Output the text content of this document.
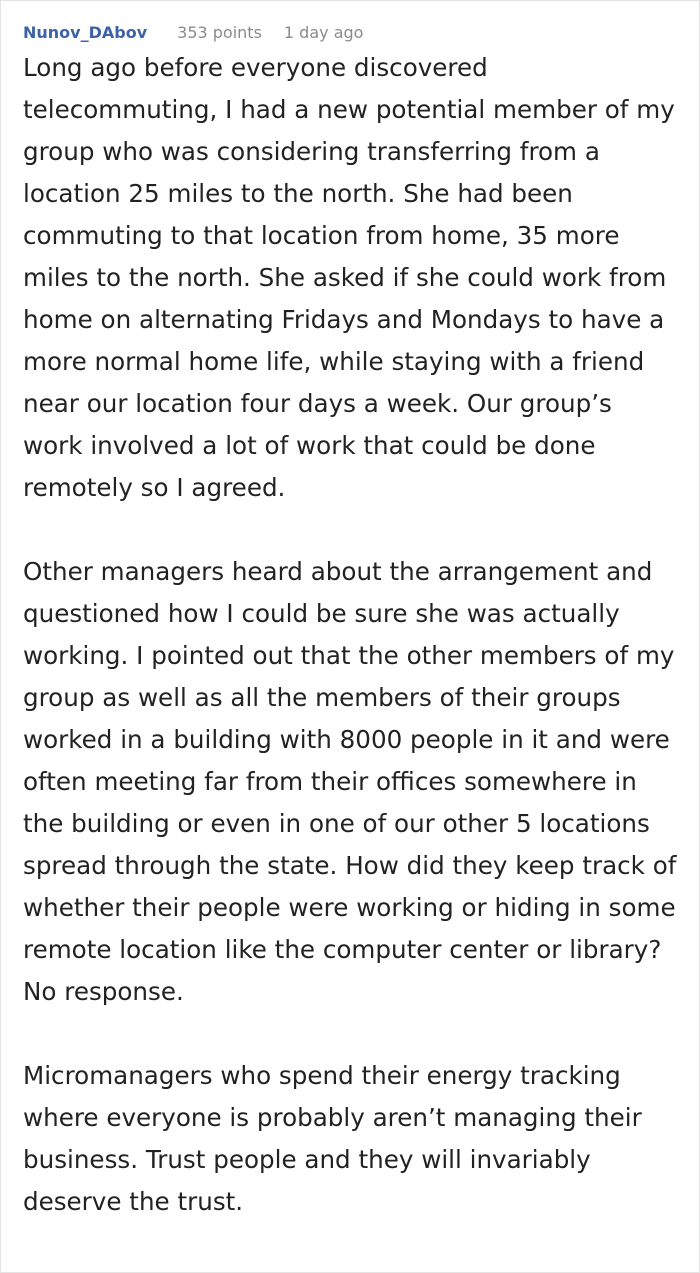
Nunov_DAbov 353 points 1 day ago

Long ago before everyone discovered telecommuting, I had a new potential member of my group who was considering transferring from a location 25 miles to the north. She had been commuting to that location from home, 35 more miles to the north. She asked if she could work from home on alternating Fridays and Mondays to have a more normal home life, while staying with a friend near our location four days a week. Our group’s work involved a lot of work that could be done remotely so I agreed.

Other managers heard about the arrangement and questioned how I could be sure she was actually working. I pointed out that the other members of my group as well as all the members of their groups worked in a building with 8000 people in it and were often meeting far from their offices somewhere in the building or even in one of our other 5 locations spread through the state. How did they keep track of whether their people were working or hiding in some remote location like the computer center or library? No response.

Micromanagers who spend their energy tracking where everyone is probably aren’t managing their business. Trust people and they will invariably deserve the trust.
